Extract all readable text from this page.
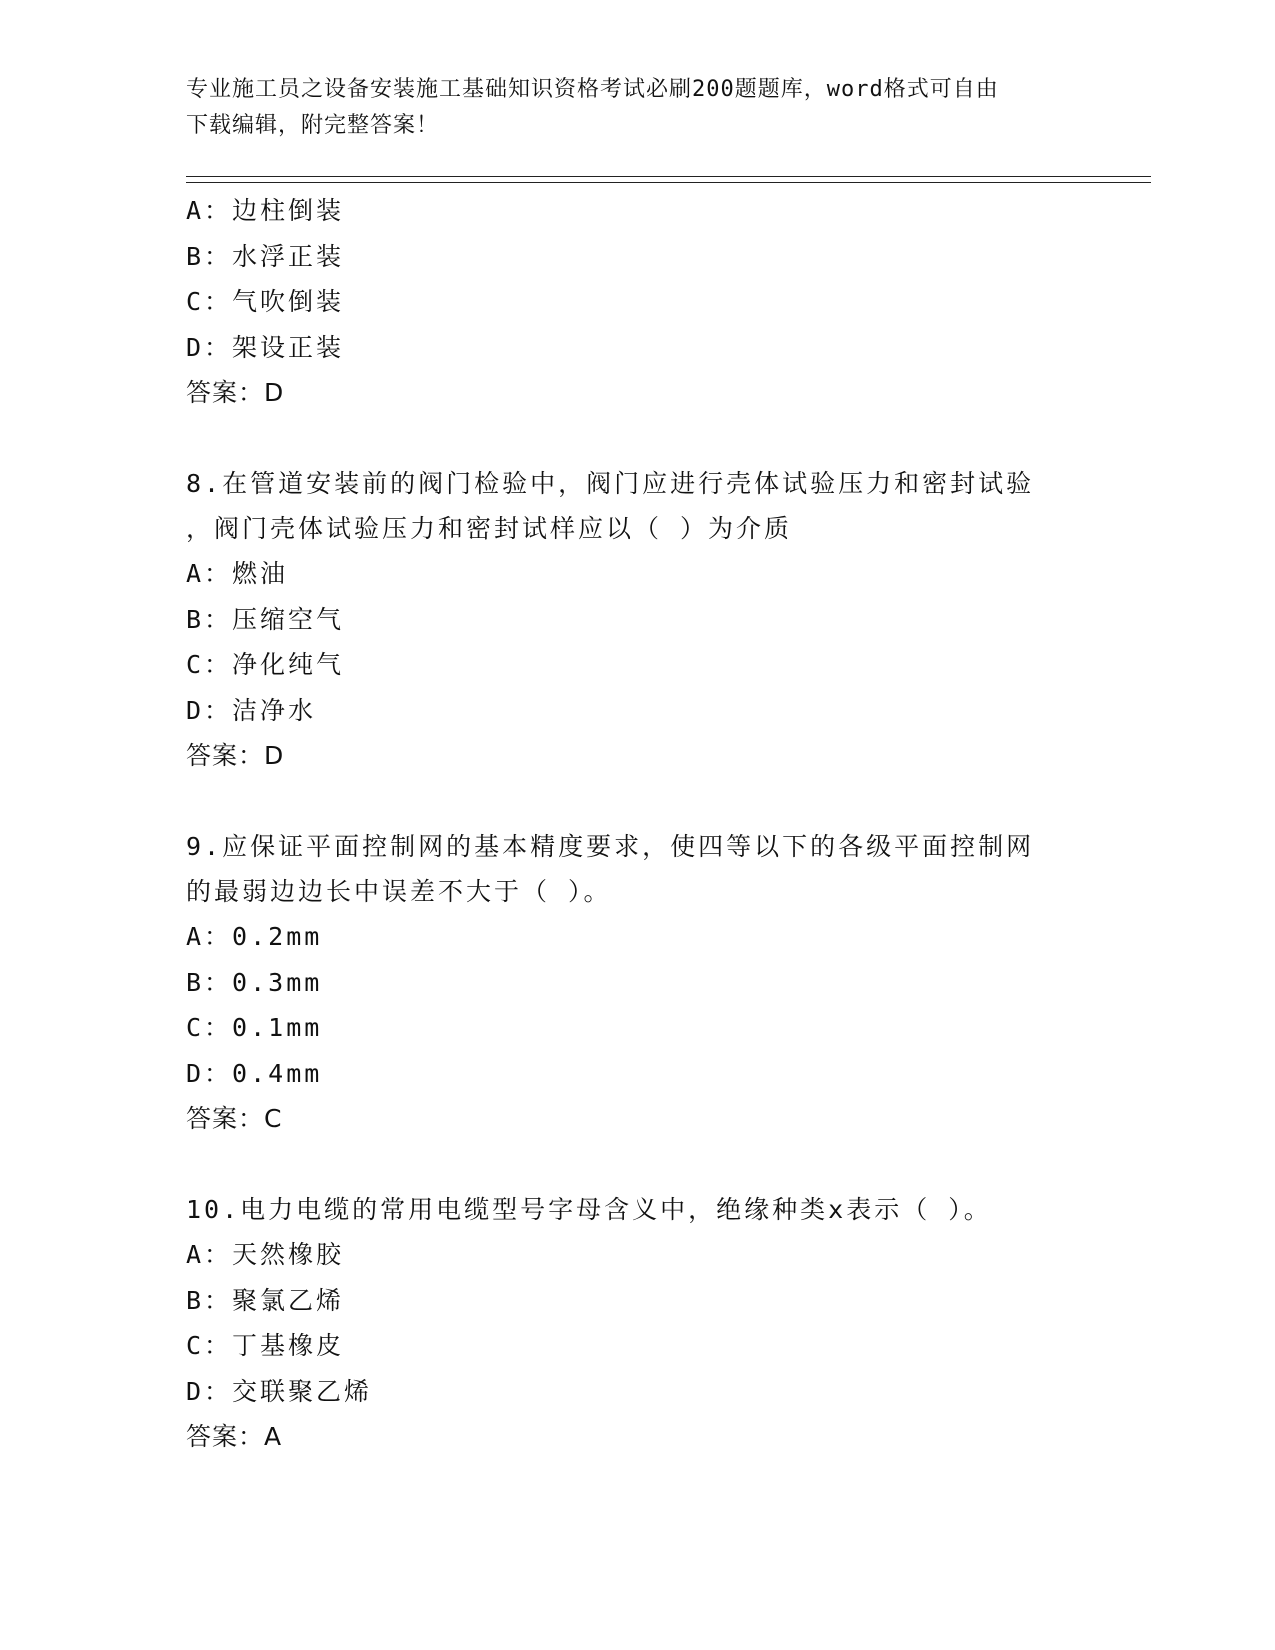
专业施工员之设备安装施工基础知识资格考试必刷200题题库，word格式可自由
下载编辑，附完整答案！
A：边柱倒装
B：水浮正装
C：气吹倒装
D：架设正装
答案：D
8.在管道安装前的阀门检验中，阀门应进行壳体试验压力和密封试验
，阀门壳体试验压力和密封试样应以（ ）为介质
A：燃油
B：压缩空气
C：净化纯气
D：洁净水
答案：D
9.应保证平面控制网的基本精度要求，使四等以下的各级平面控制网
的最弱边边长中误差不大于（ ）。
A：0.2mm
B：0.3mm
C：0.1mm
D：0.4mm
答案：C
10.电力电缆的常用电缆型号字母含义中，绝缘种类x表示（ ）。
A：天然橡胶
B：聚氯乙烯
C：丁基橡皮
D：交联聚乙烯
答案：A
